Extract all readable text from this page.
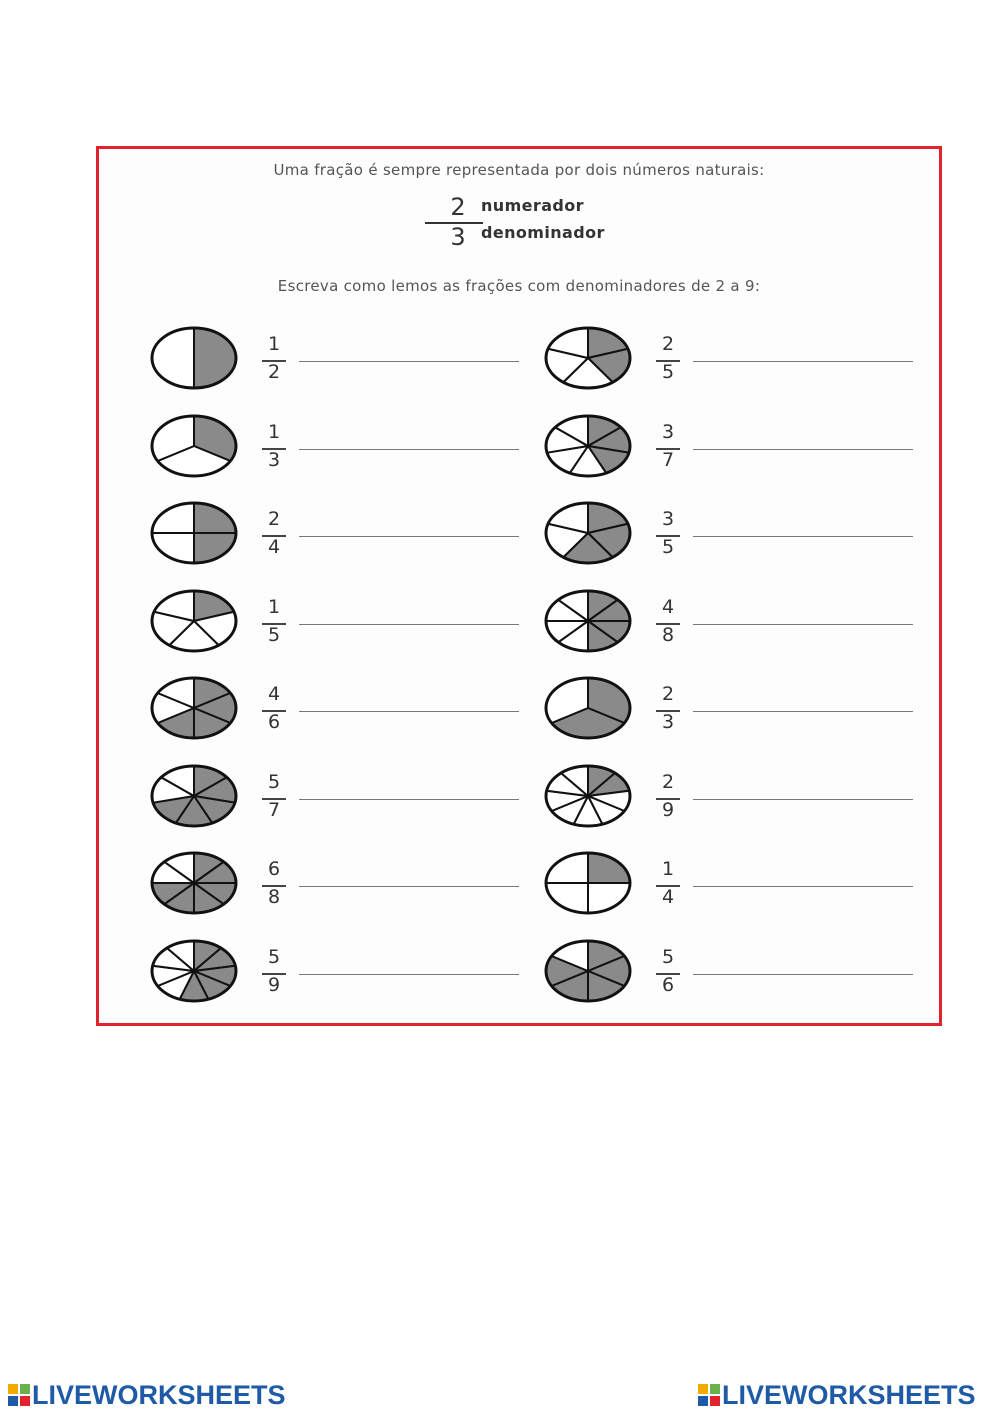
Uma fração é sempre representada por dois números naturais:
2
3
numerador
denominador
Escreva como lemos as frações com denominadores de 2 a 9:
1
2
2
5
1
3
3
7
2
4
3
5
1
5
4
8
4
6
2
3
5
7
2
9
6
8
1
4
5
9
5
6
LIVEWORKSHEETS	LIVEWORKSHEETS
